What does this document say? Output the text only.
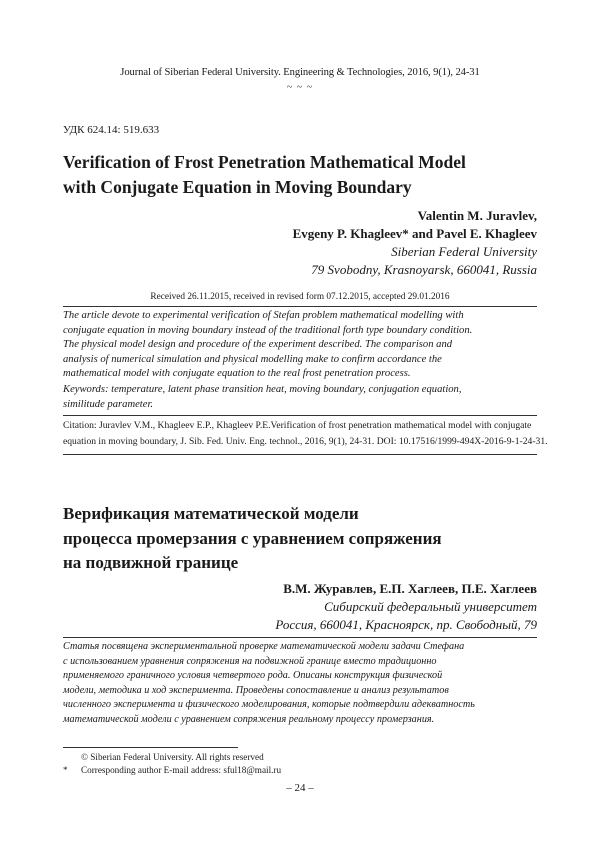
Journal of Siberian Federal University. Engineering & Technologies, 2016, 9(1), 24-31
~ ~ ~
УДК 624.14: 519.633
Verification of Frost Penetration Mathematical Model
with Conjugate Equation in Moving Boundary
Valentin M. Juravlev,
Evgeny P. Khagleev* and Pavel E. Khagleev
Siberian Federal University
79 Svobodny, Krasnoyarsk, 660041, Russia
Received 26.11.2015, received in revised form 07.12.2015, accepted 29.01.2016
The article devote to experimental verification of Stefan problem mathematical modelling with
conjugate equation in moving boundary instead of the traditional forth type boundary condition.
The physical model design and procedure of the experiment described. The comparison and
analysis of numerical simulation and physical modelling make to confirm accordance the
mathematical model with conjugate equation to the real frost penetration process.
Keywords: temperature, latent phase transition heat, moving boundary, conjugation equation,
similitude parameter.
Citation: Juravlev V.M., Khagleev E.P., Khagleev P.E.Verification of frost penetration mathematical model with conjugate
equation in moving boundary, J. Sib. Fed. Univ. Eng. technol., 2016, 9(1), 24-31. DOI: 10.17516/1999-494X-2016-9-1-24-31.
Верификация математической модели
процесса промерзания с уравнением сопряжения
на подвижной границе
В.М. Журавлев, Е.П. Хаглеев, П.Е. Хаглеев
Сибирский федеральный университет
Россия, 660041, Красноярск, пр. Свободный, 79
Статья посвящена экспериментальной проверке математической модели задачи Стефана
с использованием уравнения сопряжения на подвижной границе вместо традиционно
применяемого граничного условия четвертого рода. Описаны конструкция физической
модели, методика и ход эксперимента. Проведены сопоставление и анализ результатов
численного эксперимента и физического моделирования, которые подтвердили адекватность
математической модели с уравнением сопряжения реальному процессу промерзания.
© Siberian Federal University. All rights reserved
* Corresponding author E-mail address: sful18@mail.ru
– 24 –
